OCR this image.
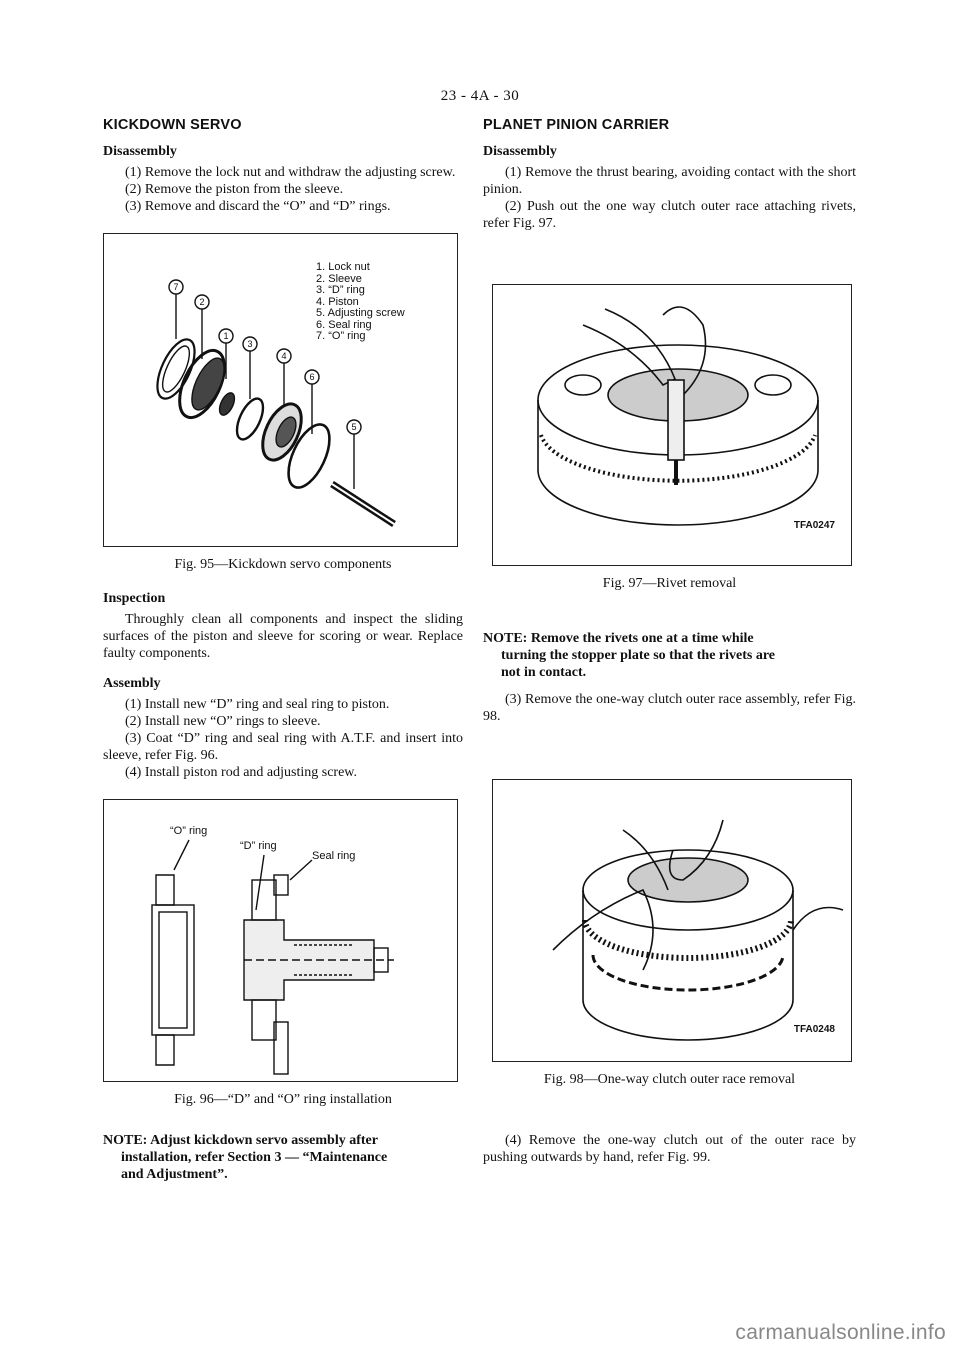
23 - 4A - 30
KICKDOWN SERVO
Disassembly

(1) Remove the lock nut and withdraw the adjusting screw.

(2) Remove the piston from the sleeve.

(3) Remove and discard the “O” and “D” rings.

1. Lock nut
2. Sleeve
3. “D” ring
4. Piston
5. Adjusting screw
6. Seal ring
7. “O” ring
7
2
1
3
4
6
5
Fig. 95—Kickdown servo components
Inspection

Throughly clean all components and inspect the sliding surfaces of the piston and sleeve for scoring or wear. Replace faulty components.

Assembly

(1) Install new “D” ring and seal ring to piston.

(2) Install new “O” rings to sleeve.

(3) Coat “D” ring and seal ring with A.T.F. and insert into sleeve, refer Fig. 96.

(4) Install piston rod and adjusting screw.

“O” ring
“D” ring
Seal ring
Fig. 96—“D” and “O” ring installation
NOTE: Adjust kickdown servo assembly after
installation, refer Section 3 — “Maintenance
and Adjustment”.
PLANET PINION CARRIER
Disassembly

(1) Remove the thrust bearing, avoiding contact with the short pinion.

(2) Push out the one way clutch outer race attaching rivets, refer Fig. 97.

TFA0247
Fig. 97—Rivet removal
NOTE: Remove the rivets one at a time while
turning the stopper plate so that the rivets are
not in contact.

(3) Remove the one-way clutch outer race assembly, refer Fig. 98.

TFA0248
Fig. 98—One-way clutch outer race removal

(4) Remove the one-way clutch out of the outer race by pushing outwards by hand, refer Fig. 99.

carmanualsonline.info
